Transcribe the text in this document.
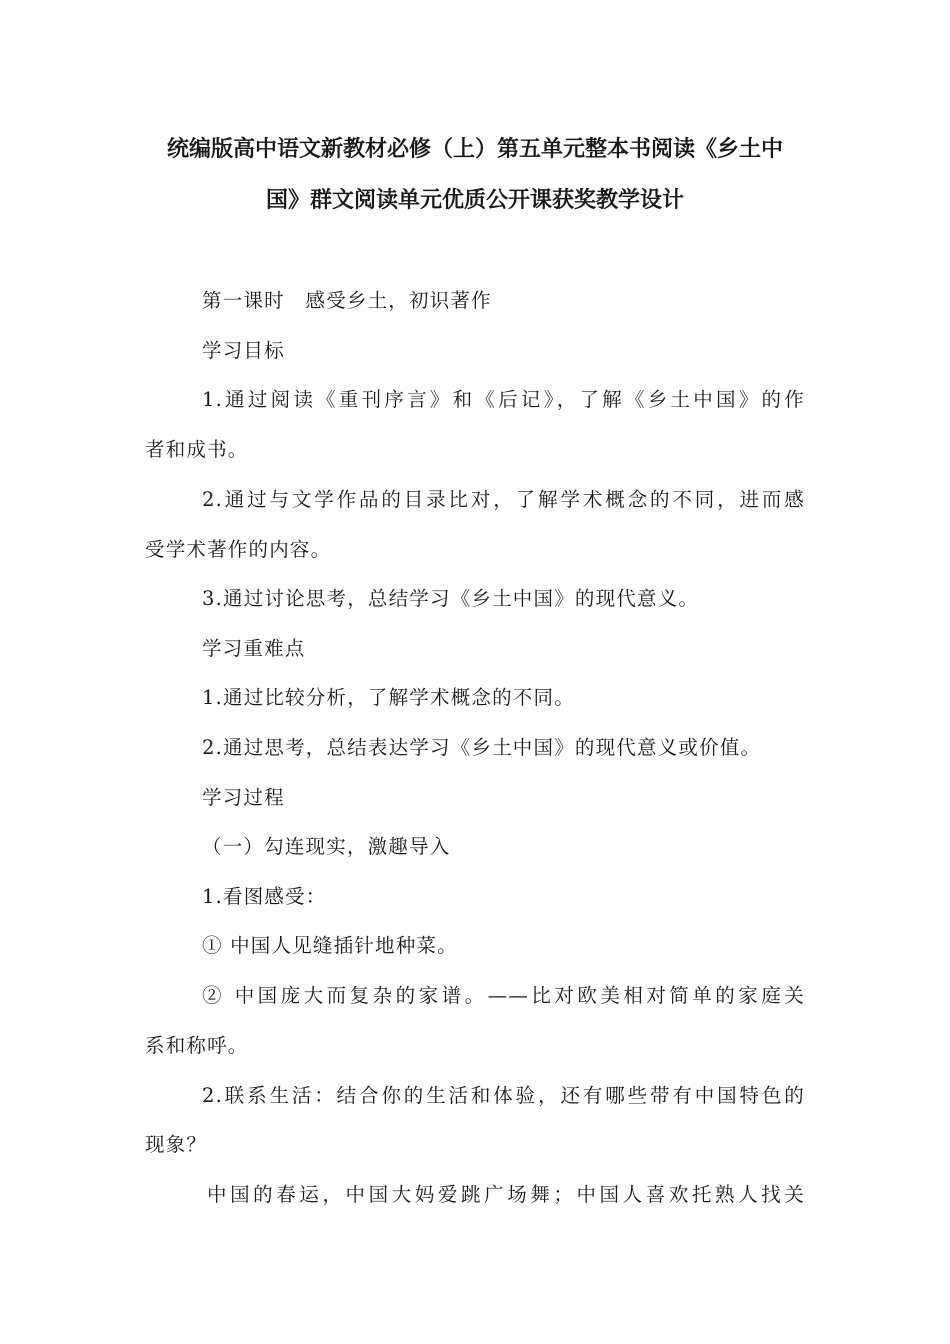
统编版高中语文新教材必修（上）第五单元整本书阅读《乡土中
国》群文阅读单元优质公开课获奖教学设计
第一课时　感受乡土，初识著作
学习目标
1.通过阅读《重刊序言》和《后记》，了解《乡土中国》的作
者和成书。
2.通过与文学作品的目录比对，了解学术概念的不同，进而感
受学术著作的内容。
3.通过讨论思考，总结学习《乡土中国》的现代意义。
学习重难点
1.通过比较分析，了解学术概念的不同。
2.通过思考，总结表达学习《乡土中国》的现代意义或价值。
学习过程
（一）勾连现实，激趣导入
1.看图感受：
① 中国人见缝插针地种菜。
② 中国庞大而复杂的家谱。——比对欧美相对简单的家庭关
系和称呼。
2.联系生活：结合你的生活和体验，还有哪些带有中国特色的
现象？
中国的春运，中国大妈爱跳广场舞；中国人喜欢托熟人找关
